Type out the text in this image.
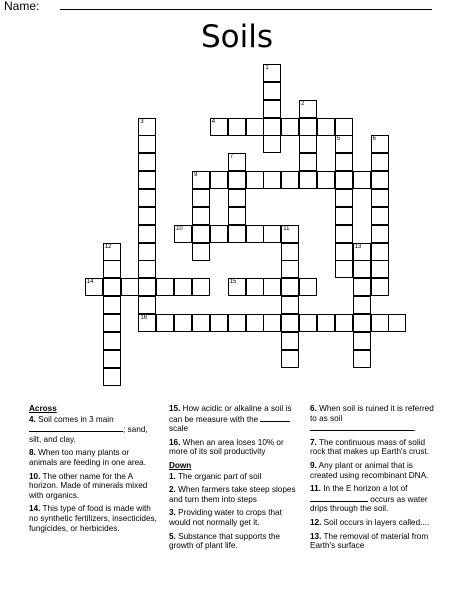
Name:
Soils
1
2
3
16
4
5	6
7
9
10	11
12	13
14	15
Across
4. Soil comes in 3 main
; sand, silt, and clay.
8. When too many plants or animals are feeding in one area.
10. The other name for the A horizon. Made of minerals mixed with organics.
14. This type of food is made with no synthetic fertilizers, insecticides, fungicides, or herbicides.
15. How acidic or alkaline a soil is can be measure with the  scale
16. When an area loses 10% or more of its soil productivity
Down
1. The organic part of soil
2. When farmers take steep slopes and turn them into steps
3. Providing water to crops that would not normally get it.
5. Substance that supports the growth of plant life.
6. When soil is ruined it is referred to as soil
.
7. The continuous mass of solid rock that makes up Earth's crust.
9. Any plant or animal that is created using recombinant DNA.
11. In the E horizon a lot of
occurs as water drips through the soil.
12. Soil occurs in layers called....
13. The removal of material from Earth's surface
